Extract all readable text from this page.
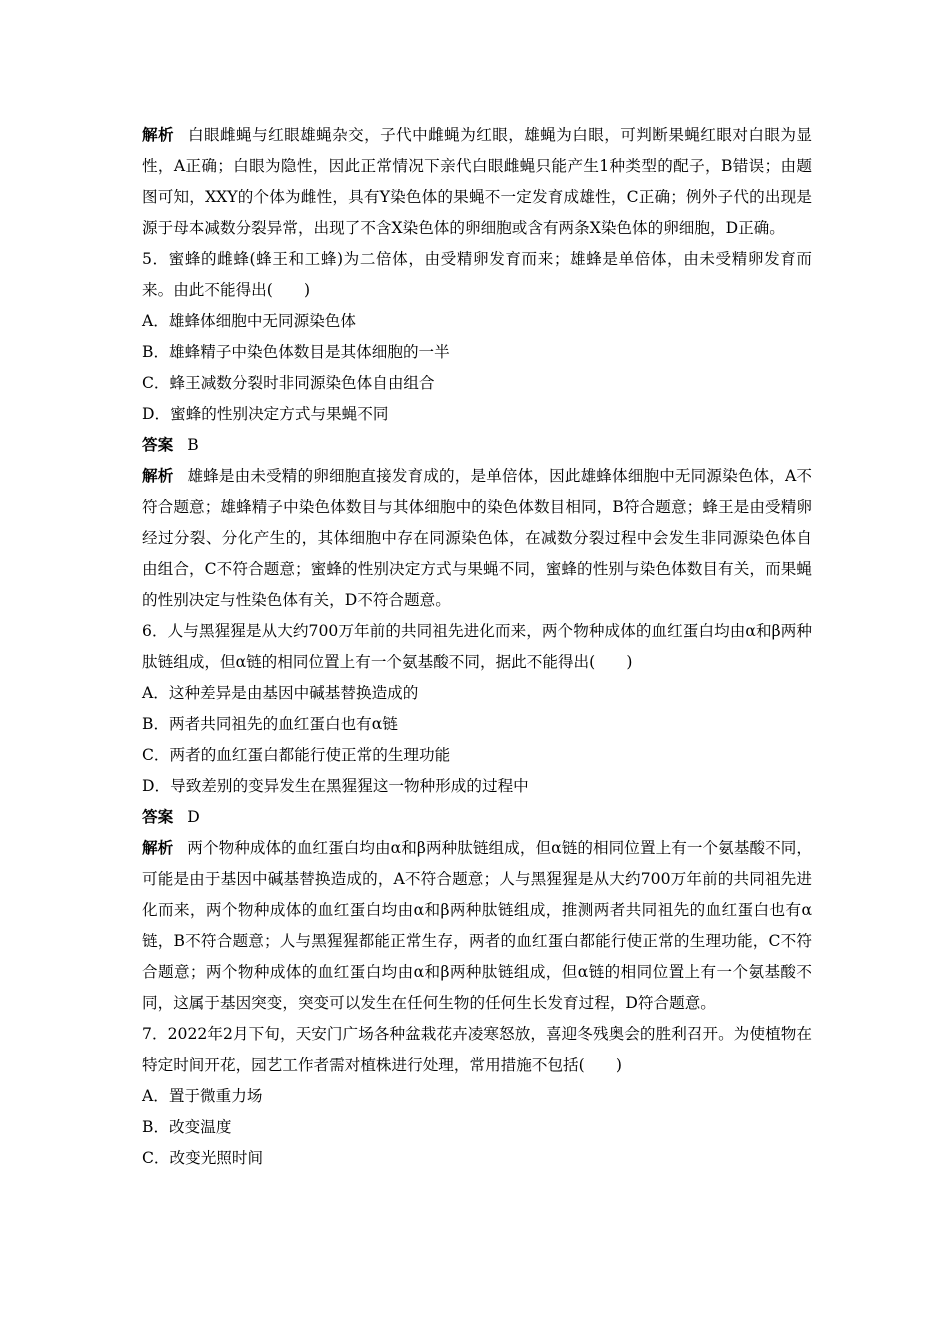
解析 白眼雌蝇与红眼雄蝇杂交，子代中雌蝇为红眼，雄蝇为白眼，可判断果蝇红眼对白眼为显性，A正确；白眼为隐性，因此正常情况下亲代白眼雌蝇只能产生1种类型的配子，B错误；由题图可知，XXY的个体为雌性，具有Y染色体的果蝇不一定发育成雄性，C正确；例外子代的出现是源于母本减数分裂异常，出现了不含X染色体的卵细胞或含有两条X染色体的卵细胞，D正确。

5．蜜蜂的雌蜂(蜂王和工蜂)为二倍体，由受精卵发育而来；雄蜂是单倍体，由未受精卵发育而来。由此不能得出(　　)

A．雄蜂体细胞中无同源染色体

B．雄蜂精子中染色体数目是其体细胞的一半

C．蜂王减数分裂时非同源染色体自由组合

D．蜜蜂的性别决定方式与果蝇不同

答案 B

解析 雄蜂是由未受精的卵细胞直接发育成的，是单倍体，因此雄蜂体细胞中无同源染色体，A不符合题意；雄蜂精子中染色体数目与其体细胞中的染色体数目相同，B符合题意；蜂王是由受精卵经过分裂、分化产生的，其体细胞中存在同源染色体，在减数分裂过程中会发生非同源染色体自由组合，C不符合题意；蜜蜂的性别决定方式与果蝇不同，蜜蜂的性别与染色体数目有关，而果蝇的性别决定与性染色体有关，D不符合题意。

6．人与黑猩猩是从大约700万年前的共同祖先进化而来，两个物种成体的血红蛋白均由α和β两种肽链组成，但α链的相同位置上有一个氨基酸不同，据此不能得出(　　)

A．这种差异是由基因中碱基替换造成的

B．两者共同祖先的血红蛋白也有α链

C．两者的血红蛋白都能行使正常的生理功能

D．导致差别的变异发生在黑猩猩这一物种形成的过程中

答案 D

解析 两个物种成体的血红蛋白均由α和β两种肽链组成，但α链的相同位置上有一个氨基酸不同，可能是由于基因中碱基替换造成的，A不符合题意；人与黑猩猩是从大约700万年前的共同祖先进化而来，两个物种成体的血红蛋白均由α和β两种肽链组成，推测两者共同祖先的血红蛋白也有α链，B不符合题意；人与黑猩猩都能正常生存，两者的血红蛋白都能行使正常的生理功能，C不符合题意；两个物种成体的血红蛋白均由α和β两种肽链组成，但α链的相同位置上有一个氨基酸不同，这属于基因突变，突变可以发生在任何生物的任何生长发育过程，D符合题意。

7．2022年2月下旬，天安门广场各种盆栽花卉凌寒怒放，喜迎冬残奥会的胜利召开。为使植物在特定时间开花，园艺工作者需对植株进行处理，常用措施不包括(　　)

A．置于微重力场

B．改变温度

C．改变光照时间
